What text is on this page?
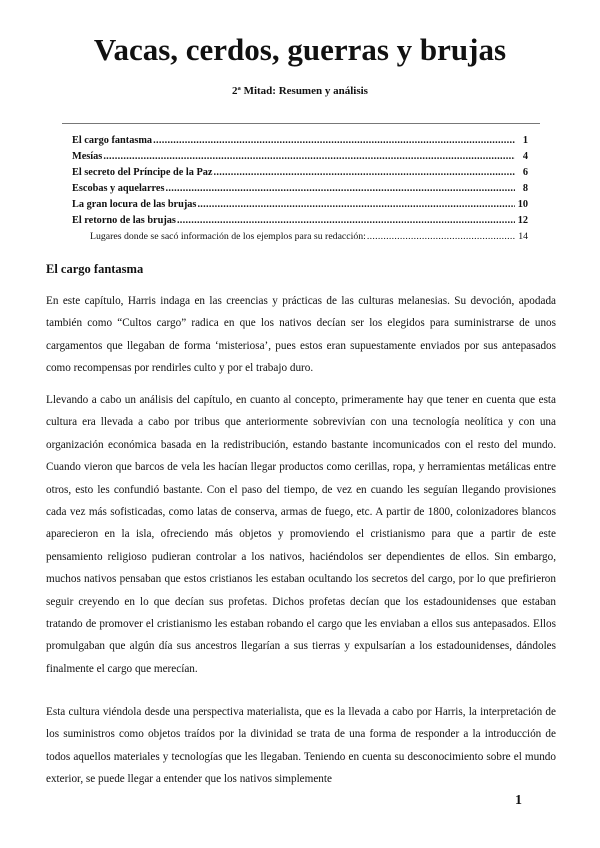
Vacas, cerdos, guerras y brujas
2ª Mitad: Resumen y análisis
El cargo fantasma .....	1
Mesías .....	4
El secreto del Príncipe de la Paz .....	6
Escobas y aquelarres .....	8
La gran locura de las brujas .....	10
El retorno de las brujas .....	12
Lugares donde se sacó información de los ejemplos para su redacción: .....	14
El cargo fantasma

En este capítulo, Harris indaga en las creencias y prácticas de las culturas melanesias. Su devoción, apodada también como “Cultos cargo” radica en que los nativos decían ser los elegidos para suministrarse de unos cargamentos que llegaban de forma ‘misteriosa’, pues estos eran supuestamente enviados por sus antepasados como recompensas por rendirles culto y por el trabajo duro.

Llevando a cabo un análisis del capítulo, en cuanto al concepto, primeramente hay que tener en cuenta que esta cultura era llevada a cabo por tribus que anteriormente sobrevivían con una tecnología neolítica y con una organización económica basada en la redistribución, estando bastante incomunicados con el resto del mundo. Cuando vieron que barcos de vela les hacían llegar productos como cerillas, ropa, y herramientas metálicas entre otros, esto les confundió bastante. Con el paso del tiempo, de vez en cuando les seguían llegando provisiones cada vez más sofisticadas, como latas de conserva, armas de fuego, etc. A partir de 1800, colonizadores blancos aparecieron en la isla, ofreciendo más objetos y promoviendo el cristianismo para que a partir de este pensamiento religioso pudieran controlar a los nativos, haciéndolos ser dependientes de ellos. Sin embargo, muchos nativos pensaban que estos cristianos les estaban ocultando los secretos del cargo, por lo que prefirieron seguir creyendo en lo que decían sus profetas. Dichos profetas decían que los estadounidenses que estaban tratando de promover el cristianismo les estaban robando el cargo que les enviaban a ellos sus antepasados. Ellos promulgaban que algún día sus ancestros llegarían a sus tierras y expulsarían a los estadounidenses, dándoles finalmente el cargo que merecían.

Esta cultura viéndola desde una perspectiva materialista, que es la llevada a cabo por Harris, la interpretación de los suministros como objetos traídos por la divinidad se trata de una forma de responder a la introducción de todos aquellos materiales y tecnologías que les llegaban. Teniendo en cuenta su desconocimiento sobre el mundo exterior, se puede llegar a entender que los nativos simplemente

1
